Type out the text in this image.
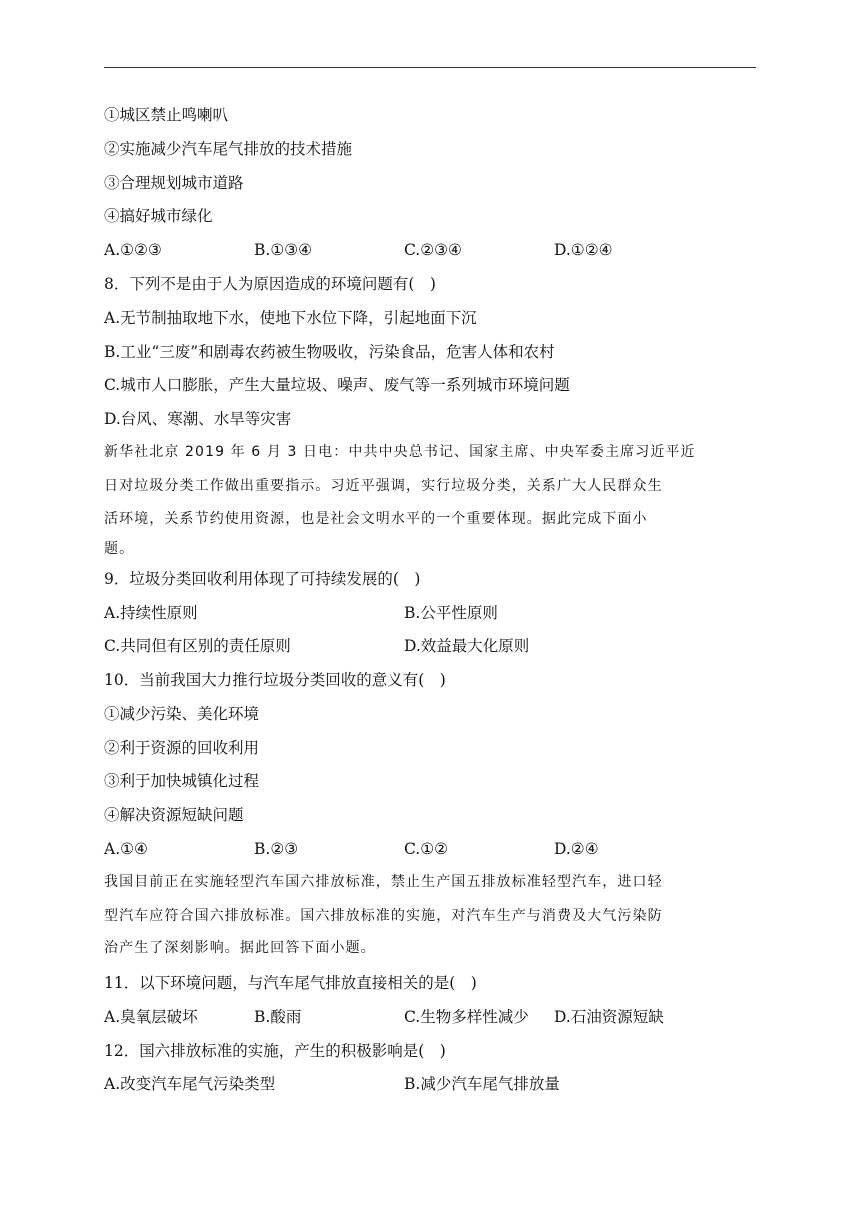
①城区禁止鸣喇叭
②实施减少汽车尾气排放的技术措施
③合理规划城市道路
④搞好城市绿化
A.①②③	B.①③④	C.②③④	D.①②④
8．下列不是由于人为原因造成的环境问题有( )
A.无节制抽取地下水，使地下水位下降，引起地面下沉
B.工业“三废”和剧毒农药被生物吸收，污染食品，危害人体和农村
C.城市人口膨胀，产生大量垃圾、噪声、废气等一系列城市环境问题
D.台风、寒潮、水旱等灾害
新华社北京 2019 年 6 月 3 日电：中共中央总书记、国家主席、中央军委主席习近平近
日对垃圾分类工作做出重要指示。习近平强调，实行垃圾分类，关系广大人民群众生
活环境，关系节约使用资源，也是社会文明水平的一个重要体现。据此完成下面小
题。
9．垃圾分类回收利用体现了可持续发展的( )
A.持续性原则	B.公平性原则
C.共同但有区别的责任原则	D.效益最大化原则
10．当前我国大力推行垃圾分类回收的意义有( )
①减少污染、美化环境
②利于资源的回收利用
③利于加快城镇化过程
④解决资源短缺问题
A.①④	B.②③	C.①②	D.②④
我国目前正在实施轻型汽车国六排放标准，禁止生产国五排放标准轻型汽车，进口轻
型汽车应符合国六排放标准。国六排放标准的实施，对汽车生产与消费及大气污染防
治产生了深刻影响。据此回答下面小题。
11．以下环境问题，与汽车尾气排放直接相关的是( )
A.臭氧层破坏	B.酸雨	C.生物多样性减少 D.石油资源短缺
12．国六排放标准的实施，产生的积极影响是( )
A.改变汽车尾气污染类型	B.减少汽车尾气排放量
